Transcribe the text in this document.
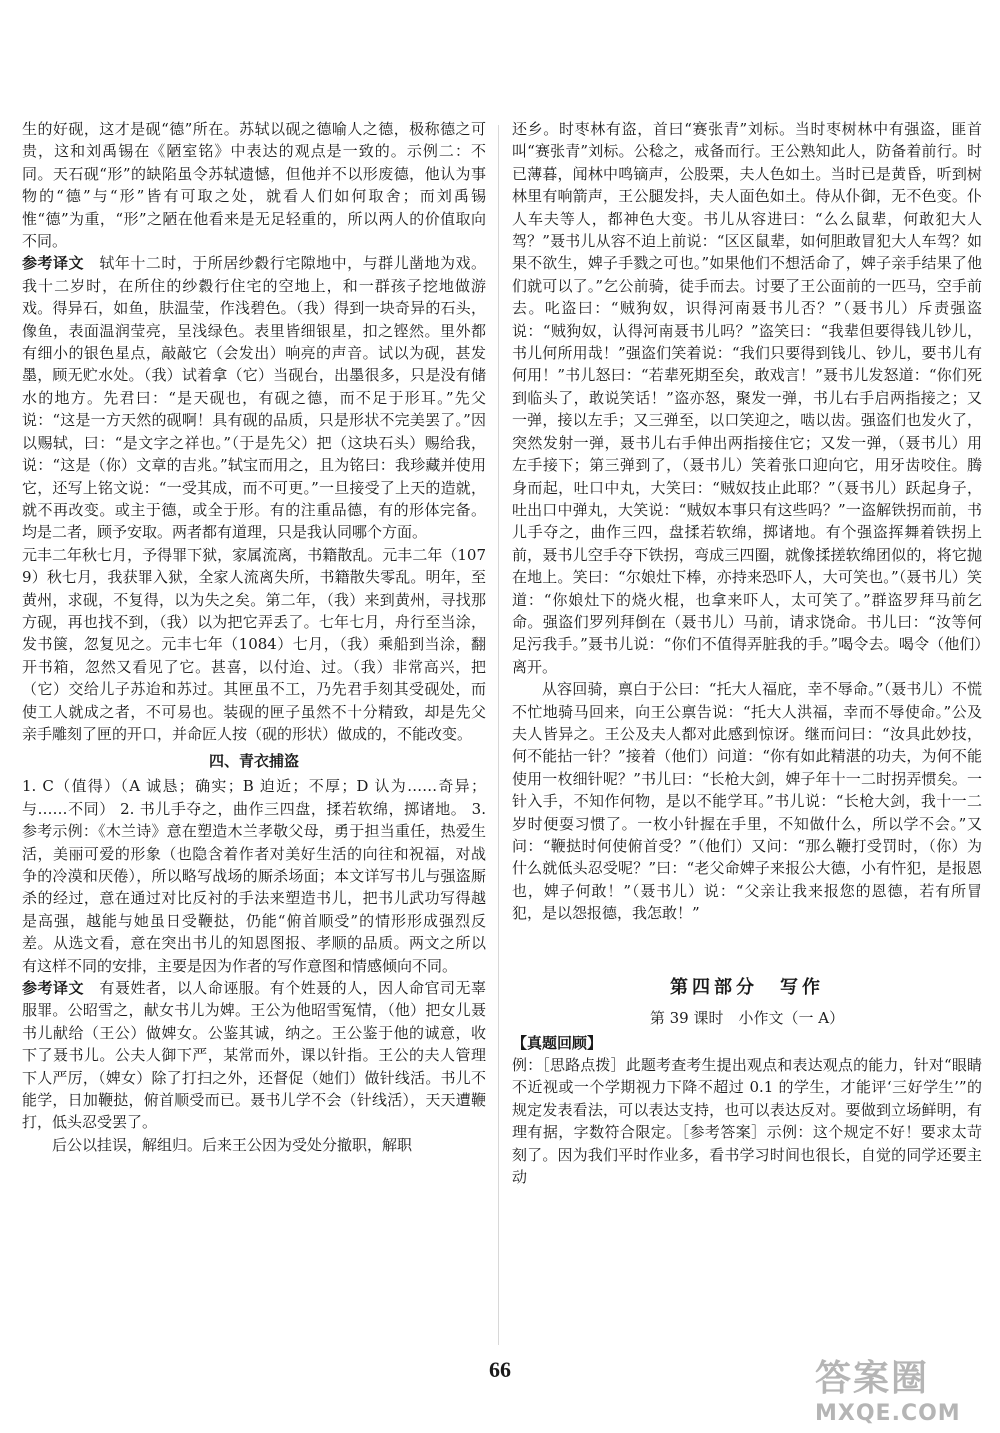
生的好砚，这才是砚“德”所在。苏轼以砚之德喻人之德，极称德之可贵，这和刘禹锡在《陋室铭》中表达的观点是一致的。示例二：不同。天石砚“形”的缺陷虽令苏轼遗憾，但他并不以形废德，他认为事物的“德”与“形”皆有可取之处，就看人们如何取舍；而刘禹锡惟“德”为重，“形”之陋在他看来是无足轻重的，所以两人的价值取向不同。

参考译文　 轼年十二时，于所居纱縠行宅隙地中，与群儿凿地为戏。我十二岁时，在所住的纱縠行住宅的空地上，和一群孩子挖地做游戏。得异石，如鱼，肤温莹，作浅碧色。（我）得到一块奇异的石头，像鱼，表面温润莹亮，呈浅绿色。表里皆细银星，扣之铿然。里外都有细小的银色星点，敲敲它（会发出）响亮的声音。试以为砚，甚发墨，顾无贮水处。（我）试着拿（它）当砚台，出墨很多，只是没有储水的地方。先君曰：“是天砚也，有砚之德，而不足于形耳。”先父说：“这是一方天然的砚啊！具有砚的品质，只是形状不完美罢了。”因以赐轼，曰：“是文字之祥也。”（于是先父）把（这块石头）赐给我，说：“这是（你）文章的吉兆。”轼宝而用之，且为铭曰：我珍藏并使用它，还写上铭文说：“一受其成，而不可更。”一旦接受了上天的造就，就不再改变。或主于德，或全于形。有的注重品德，有的形体完备。均是二者，顾予安取。两者都有道理，只是我认同哪个方面。

元丰二年秋七月，予得罪下狱，家属流离，书籍散乱。元丰二年（1079）秋七月，我获罪入狱，全家人流离失所，书籍散失零乱。明年，至黄州，求砚，不复得，以为失之矣。第二年，（我）来到黄州，寻找那方砚，再也找不到，（我）以为把它弄丢了。七年七月，舟行至当涂，发书箧，忽复见之。元丰七年（1084）七月，（我）乘船到当涂，翻开书箱，忽然又看见了它。甚喜，以付迨、过。（我）非常高兴，把（它）交给儿子苏迨和苏过。其匣虽不工，乃先君手刻其受砚处，而使工人就成之者，不可易也。装砚的匣子虽然不十分精致，却是先父亲手雕刻了匣的开口，并命匠人按（砚的形状）做成的，不能改变。

四、青衣捕盗

1. C（值得）（A 诚恳；确实；B 迫近；不厚；D 认为……奇异；与……不同） 2. 书儿手夺之，曲作三四盘，揉若软绵，掷诸地。 3. 参考示例：《木兰诗》意在塑造木兰孝敬父母，勇于担当重任，热爱生活，美丽可爱的形象（也隐含着作者对美好生活的向往和祝福，对战争的冷漠和厌倦），所以略写战场的厮杀场面；本文详写书儿与强盗厮杀的经过，意在通过对比反衬的手法来塑造书儿，把书儿武功写得越是高强，越能与她虽日受鞭挞，仍能“俯首顺受”的情形形成强烈反差。从选文看，意在突出书儿的知恩图报、孝顺的品质。两文之所以有这样不同的安排，主要是因为作者的写作意图和情感倾向不同。

参考译文　 有聂姓者，以人命诬服。有个姓聂的人，因人命官司无辜服罪。公昭雪之，献女书儿为婢。王公为他昭雪冤情，（他）把女儿聂书儿献给（王公）做婢女。公鉴其诚，纳之。王公鉴于他的诚意，收下了聂书儿。公夫人御下严，某常而外，课以针指。王公的夫人管理下人严厉，（婢女）除了打扫之外，还督促（她们）做针线活。书儿不能学，日加鞭挞，俯首顺受而已。聂书儿学不会（针线活），天天遭鞭打，低头忍受罢了。

后公以挂误，解组归。后来王公因为受处分撤职，解职

还乡。时枣林有盗，首曰“赛张青”刘标。当时枣树林中有强盗，匪首叫“赛张青”刘标。公稔之，戒备而行。王公熟知此人，防备着前行。时已薄暮，闻林中鸣镝声，公股栗，夫人色如土。当时已是黄昏，听到树林里有响箭声，王公腿发抖，夫人面色如土。侍从仆御，无不色变。仆人车夫等人，都神色大变。书儿从容进曰：“么么鼠辈，何敢犯大人驾？”聂书儿从容不迫上前说：“区区鼠辈，如何胆敢冒犯大人车驾？如果不欲生，婢子手戮之可也。”如果他们不想活命了，婢子亲手结果了他们就可以了。”乞公前骑，徒手而去。讨要了王公面前的一匹马，空手前去。叱盗曰：“贼狗奴，识得河南聂书儿否？”（聂书儿）斥责强盗说：“贼狗奴，认得河南聂书儿吗？”盗笑曰：“我辈但要得钱儿钞儿，书儿何所用哉！”强盗们笑着说：“我们只要得到钱儿、钞儿，要书儿有何用！”书儿怒曰：“若辈死期至矣，敢戏言！”聂书儿发怒道：“你们死到临头了，敢说笑话！”盗亦怒，聚发一弹，书儿右手启两指接之；又一弹，接以左手；又三弹至，以口笑迎之，啮以齿。强盗们也发火了，突然发射一弹，聂书儿右手伸出两指接住它；又发一弹，（聂书儿）用左手接下；第三弹到了，（聂书儿）笑着张口迎向它，用牙齿咬住。腾身而起，吐口中丸，大笑曰：“贼奴技止此耶？”（聂书儿）跃起身子，吐出口中弹丸，大笑说：“贼奴本事只有这些吗？”一盗解铁拐而前，书儿手夺之，曲作三四，盘揉若软绵，掷诸地。有个强盗挥舞着铁拐上前，聂书儿空手夺下铁拐，弯成三四圈，就像揉搓软绵团似的，将它抛在地上。笑曰：“尔娘灶下棒，亦持来恐吓人，大可笑也。”（聂书儿）笑道：“你娘灶下的烧火棍，也拿来吓人，太可笑了。”群盗罗拜马前乞命。强盗们罗列拜倒在（聂书儿）马前，请求饶命。书儿曰：“汝等何足污我手。”聂书儿说：“你们不值得弄脏我的手。”喝令去。喝令（他们）离开。

从容回骑，禀白于公曰：“托大人福庇，幸不辱命。”（聂书儿）不慌不忙地骑马回来，向王公禀告说：“托大人洪福，幸而不辱使命。”公及夫人皆异之。王公及夫人都对此感到惊讶。继而问曰：“汝具此妙技，何不能拈一针？”接着（他们）问道：“你有如此精湛的功夫，为何不能使用一枚细针呢？”书儿曰：“长枪大剑，婢子年十一二时拐弄惯矣。一针入手，不知作何物，是以不能学耳。”书儿说：“长枪大剑，我十一二岁时便耍习惯了。一枚小针握在手里，不知做什么，所以学不会。”又问：“鞭挞时何使俯首受？”（他们）又问：“那么鞭打受罚时，（你）为什么就低头忍受呢？”曰：“老父命婢子来报公大德，小有忤犯，是报恩也，婢子何敢！”（聂书儿）说：“父亲让我来报您的恩德，若有所冒犯，是以怨报德，我怎敢！”

第四部分　写作
第 39 课时　小作文（一 A）
【真题回顾】

例：［思路点拨］此题考查考生提出观点和表达观点的能力，针对“眼睛不近视或一个学期视力下降不超过 0.1 的学生，才能评‘三好学生’”的规定发表看法，可以表达支持，也可以表达反对。要做到立场鲜明，有理有据，字数符合限定。［参考答案］示例：这个规定不好！要求太苛刻了。因为我们平时作业多，看书学习时间也很长，自觉的同学还要主动

66	答案圈
MXQE.COM
